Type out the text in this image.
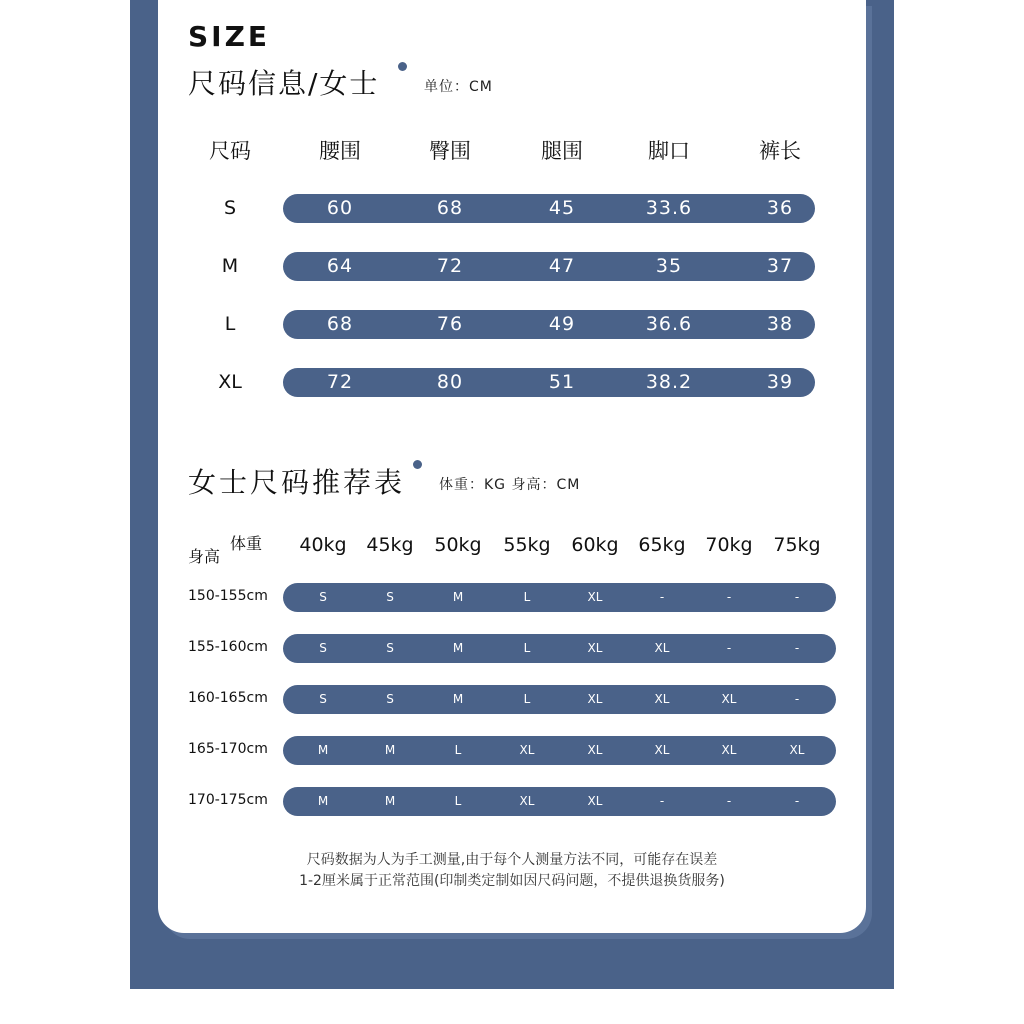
SIZE
尺码信息/女士	单位：CM
尺码	腰围	臀围	腿围	脚口	裤长
S	60	68	45	33.6	36
M	64	72	47	35	37
L	68	76	49	36.6	38
XL	72	80	51	38.2	39
女士尺码推荐表 体重：KG 身高：CM
体重
身高
40kg	45kg	50kg	55kg	60kg	65kg	70kg	75kg
150-155cm	S	S	M	L	XL	-	-	-
155-160cm	S	S	M	L	XL	XL	-	-
160-165cm	S	S	M	L	XL	XL	XL	-
165-170cm	M	M	L	XL	XL	XL	XL	XL
170-175cm	M	M	L	XL	XL	-	-	-
尺码数据为人为手工测量,由于每个人测量方法不同，可能存在误差
1-2厘米属于正常范围(印制类定制如因尺码问题，不提供退换货服务)
